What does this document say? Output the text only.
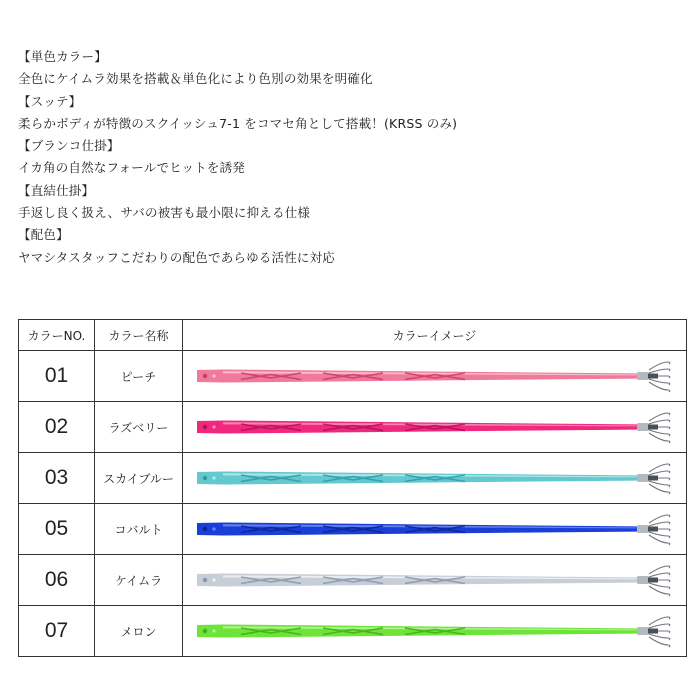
【単色カラー】
全色にケイムラ効果を搭載＆単色化により色別の効果を明確化
【スッテ】
柔らかボディが特徴のスクイッシュ7-1 をコマセ角として搭載！(KRSS のみ)
【ブランコ仕掛】
イカ角の自然なフォールでヒットを誘発
【直結仕掛】
手返し良く扱え、サバの被害も最小限に抑える仕様
【配色】
ヤマシタスタッフこだわりの配色であらゆる活性に対応
カラーNO.	カラー名称	カラーイメージ
01	ピーチ	

02	ラズベリー	

03	スカイブルー	

05	コバルト	

06	ケイムラ	

07	メロン	
